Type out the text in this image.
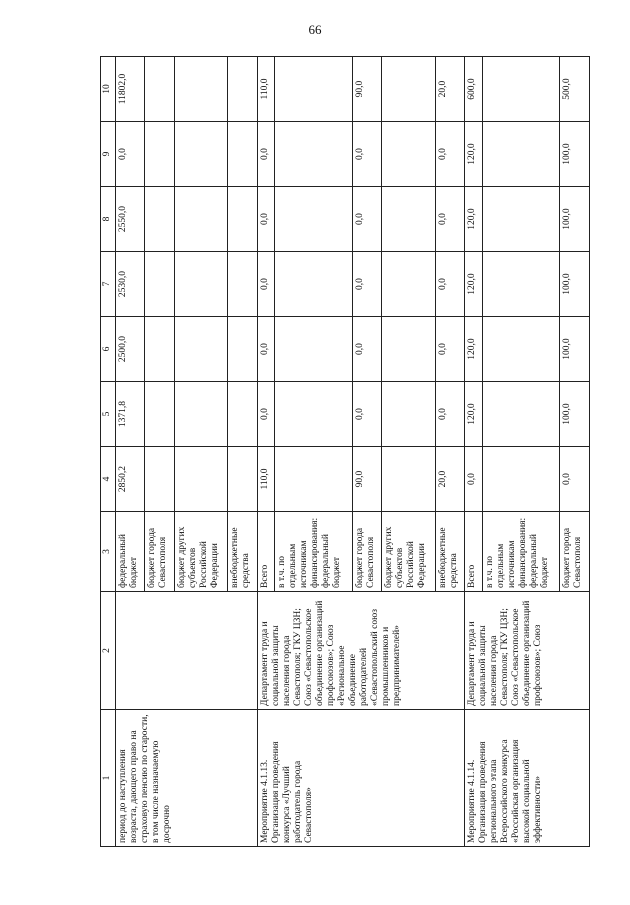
66
1	2	3	4	5	6	7	8	9	10
период до наступления возраста, дающего право на страховую пенсию по старости, в том числе назначаемую досрочно		федеральный бюджет	2850,2	1371,8	2500,0	2530,0	2550,0	0,0	11802,0
		бюджет города Севастополя							
		бюджет других субъектов Российской Федерации							
		внебюджетные средства							
Мероприятие 4.1.13. Организация проведения конкурса «Лучший работодатель города Севастополя»	Департамент труда и социальной защиты населения города Севастополя; ГКУ ЦЗН; Союз «Севастопольское объединение организаций профсоюзов»; Союз «Региональное объединение работодателей «Севастопольский союз промышленников и предпринимателей»	Всего	110,0	0,0	0,0	0,0	0,0	0,0	110,0
		в т.ч. по отдельным источникам финансирования: федеральный бюджет							
		бюджет города Севастополя	90,0	0,0	0,0	0,0	0,0	0,0	90,0
		бюджет других субъектов Российской Федерации							
		внебюджетные средства	20,0	0,0	0,0	0,0	0,0	0,0	20,0
Мероприятие 4.1.14. Организация проведения регионального этапа Всероссийского конкурса «Российская организация высокой социальной эффективности»	Департамент труда и социальной защиты населения города Севастополя; ГКУ ЦЗН; Союз «Севастопольское объединение организаций профсоюзов»; Союз	Всего	0,0	120,0	120,0	120,0	120,0	120,0	600,0
		в т.ч. по отдельным источникам финансирования: федеральный бюджет							
		бюджет города Севастополя	0,0	100,0	100,0	100,0	100,0	100,0	500,0
